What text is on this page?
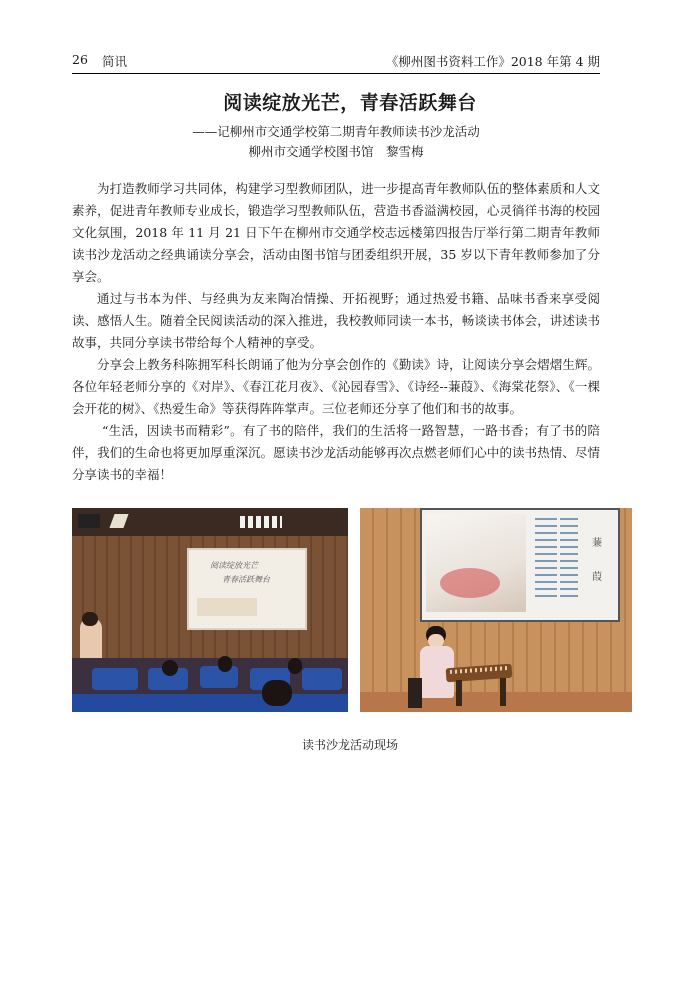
26 简讯	《柳州图书资料工作》2018 年第 4 期
阅读绽放光芒，青春活跃舞台
——记柳州市交通学校第二期青年教师读书沙龙活动
柳州市交通学校图书馆　黎雪梅

为打造教师学习共同体，构建学习型教师团队，进一步提高青年教师队伍的整体素质和人文素养，促进青年教师专业成长，锻造学习型教师队伍，营造书香溢满校园，心灵徜徉书海的校园文化氛围，2018 年 11 月 21 日下午在柳州市交通学校志远楼第四报告厅举行第二期青年教师读书沙龙活动之经典诵读分享会，活动由图书馆与团委组织开展，35 岁以下青年教师参加了分享会。

通过与书本为伴、与经典为友来陶冶情操、开拓视野；通过热爱书籍、品味书香来享受阅读、感悟人生。随着全民阅读活动的深入推进，我校教师同读一本书，畅谈读书体会，讲述读书故事，共同分享读书带给每个人精神的享受。

分享会上教务科陈拥军科长朗诵了他为分享会创作的《勤读》诗，让阅读分享会熠熠生辉。各位年轻老师分享的《对岸》、《春江花月夜》、《沁园春雪》、《诗经--蒹葭》、《海棠花祭》、《一棵会开花的树》、《热爱生命》等获得阵阵掌声。三位老师还分享了他们和书的故事。

“生活，因读书而精彩”。有了书的陪伴，我们的生活将一路智慧，一路书香；有了书的陪伴，我们的生命也将更加厚重深沉。愿读书沙龙活动能够再次点燃老师们心中的读书热情、尽情分享读书的幸福！

阅读绽放光芒
青春活跃舞台
蒹
葭
读书沙龙活动现场
